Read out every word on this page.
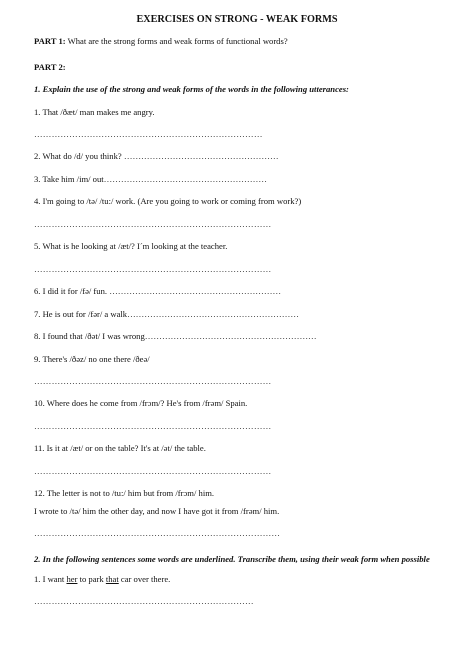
EXERCISES ON STRONG - WEAK FORMS
PART 1: What are the strong forms and weak forms of functional words?
PART 2:
1. Explain the use of the strong and weak forms of the words in the following utterances:
1. That /ðæt/ man makes me angry.
……………………………………………………………………
2. What do /d/ you think? ………………………………………………
3. Take him /im/ out…………………………………………………
4. I'm going to /tə/ /tu:/ work. (Are you going to work or coming from work?)
………………………………………………………………………
5. What is he looking at /æt/? I´m looking at the teacher.
………………………………………………………………………
6. I did it for /fə/ fun. ……………………………………………………
7. He is out for /fər/ a walk……………………………………………………
8. I found that /ðət/ I was wrong……………………………………………………
9. There's /ðəz/ no one there /ðeə/
………………………………………………………………………
10. Where does he come from /frɔm/? He's from /frəm/ Spain.
………………………………………………………………………
11. Is it at /æt/ or on the table? It's at /ət/ the table.
………………………………………………………………………
12. The letter is not to /tu:/ him but from /frɔm/ him.
I wrote to /tə/ him the other day, and now I have got it from /frəm/ him.
…………………………………………………………………………
2. In the following sentences some words are underlined. Transcribe them, using their weak form when possible
1. I want her to park that car over there.
…………………………………………………………………
